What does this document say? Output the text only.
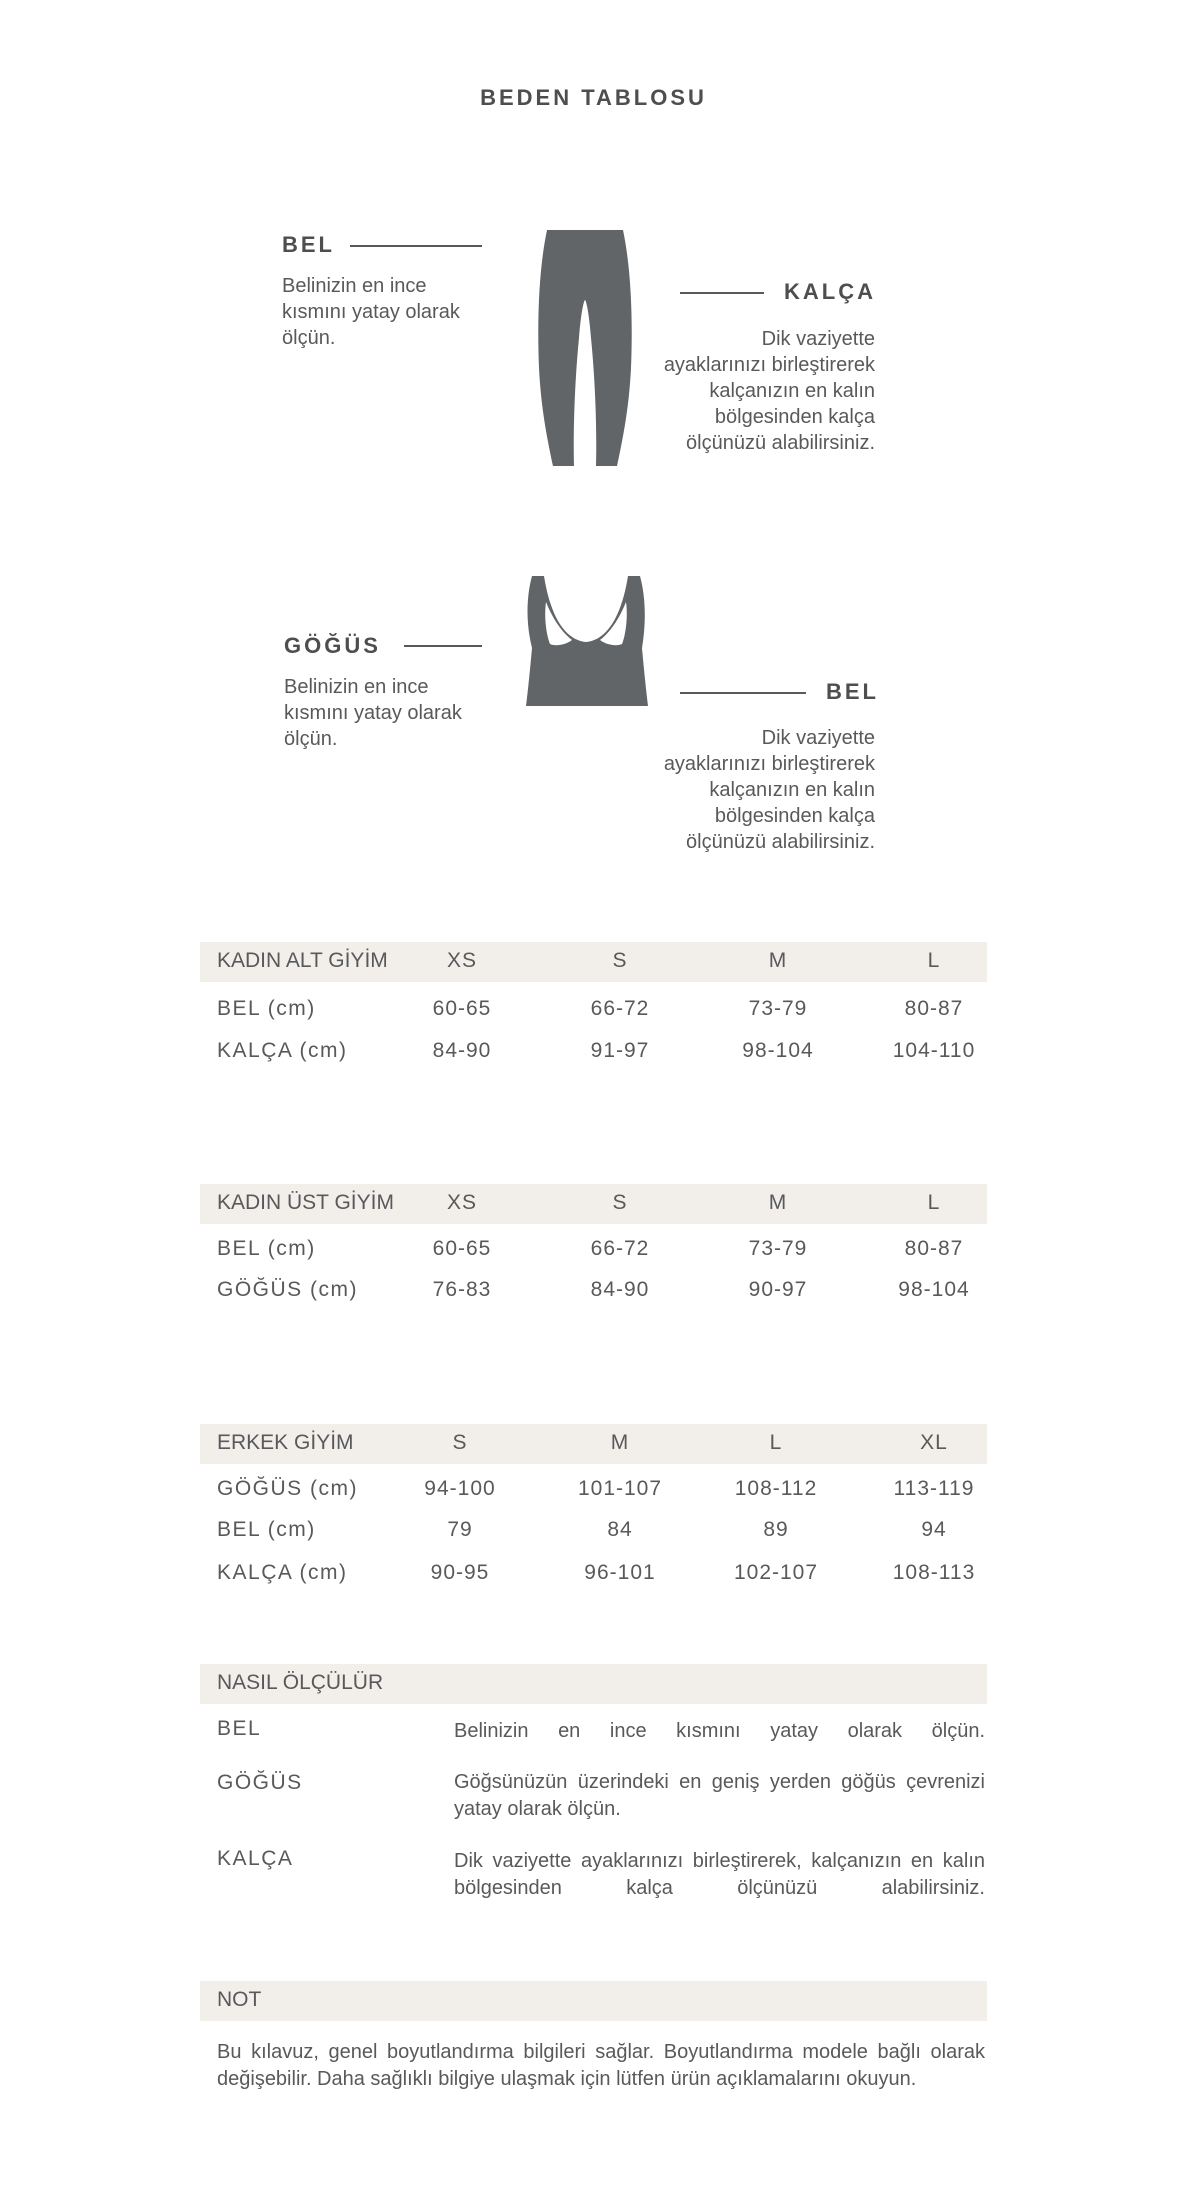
BEDEN TABLOSU
BEL
Belinizin en ince
kısmını yatay olarak
ölçün.
KALÇA
Dik vaziyette
ayaklarınızı birleştirerek
kalçanızın en kalın
bölgesinden kalça
ölçünüzü alabilirsiniz.
GÖĞÜS
Belinizin en ince
kısmını yatay olarak
ölçün.
BEL
Dik vaziyette
ayaklarınızı birleştirerek
kalçanızın en kalın
bölgesinden kalça
ölçünüzü alabilirsiniz.
KADIN ALT GİYİM	XS	S	M	L
BEL (cm)	60-65	66-72	73-79	80-87
KALÇA (cm)	84-90	91-97	98-104	104-110
KADIN ÜST GİYİM	XS	S	M	L
BEL (cm)	60-65	66-72	73-79	80-87
GÖĞÜS (cm)	76-83	84-90	90-97	98-104
ERKEK GİYİM	S	M	L	XL
GÖĞÜS (cm)	94-100	101-107	108-112	113-119
BEL (cm)	79	84	89	94
KALÇA (cm)	90-95	96-101	102-107	108-113
NASIL ÖLÇÜLÜR
BEL	Belinizin en ince kısmını yatay olarak ölçün.
GÖĞÜS	Göğsünüzün üzerindeki en geniş yerden göğüs çevrenizi yatay olarak ölçün.
KALÇA	Dik vaziyette ayaklarınızı birleştirerek, kalçanızın en kalın bölgesinden kalça ölçünüzü alabilirsiniz.
NOT
Bu kılavuz, genel boyutlandırma bilgileri sağlar. Boyutlandırma modele bağlı olarak değişebilir. Daha sağlıklı bilgiye ulaşmak için lütfen ürün açıklamalarını okuyun.
